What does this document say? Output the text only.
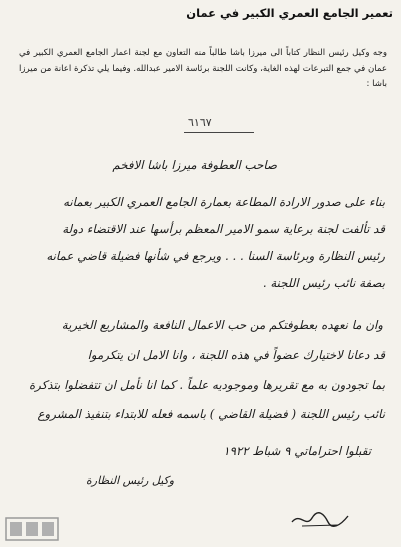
تعمير الجامع العمري الكبير في عمان
وجه وكيل رئيس النظار كتاباً الى ميرزا باشا طالباً منه التعاون مع لجنة اعمار الجامع العمري الكبير في عمان في جمع التبرعات لهذه الغاية، وكانت اللجنة برئاسة الامير عبدالله. وفيما يلي تذكرة اعانة من ميرزا باشا :
٦١٦٧
صاحب العطوفة ميرزا باشا الافخم
بناء على صدور الارادة المطاعة بعمارة الجامع العمري الكبير بعمانه
قد تألفت لجنة برعاية سمو الامير المعظم برأسها عند الاقتضاء دولة
رئيس النظارة وبرئاسة السنا . . . ويرجع في شأنها فضيلة قاضي عمانه
بصفة نائب رئيس اللجنة .
وان ما نعهده بعطوفتكم من حب الاعمال النافعة والمشاريع الخيرية
قد دعانا لاختيارك عضواً في هذه اللجنة ، وانا الامل ان يتكرموا
بما تجودون به مع تقريرها وموجوديه علماً . كما انا نأمل ان تتفضلوا بتذكرة
نائب رئيس اللجنة ( فضيلة القاضي ) باسمه فعله للابتداء بتنفيذ المشروع
تقبلوا احتراماتي ٩ شباط ١٩٢٢
وكيل رئيس النظارة
